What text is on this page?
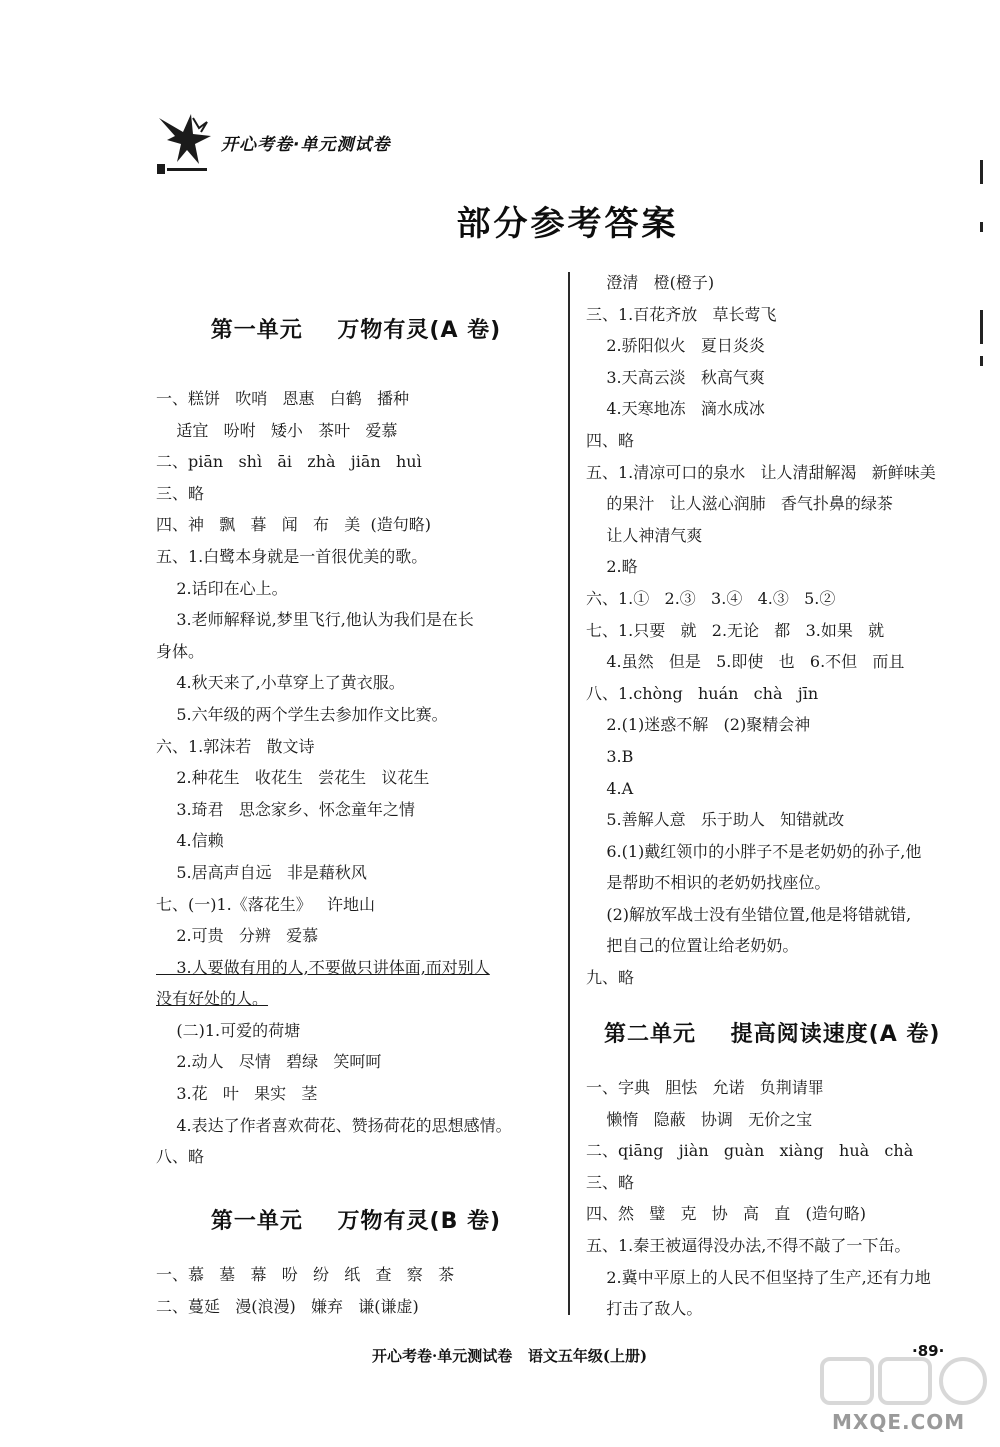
开心考卷·单元测试卷
部分参考答案
第一单元    万物有灵(A 卷)
一、糕饼   吹哨   恩惠   白鹤   播种
适宜   吩咐   矮小   茶叶   爱慕
二、piān   shì   āi   zhà   jiān   huì
三、略
四、神   飘   暮   闻   布   美  (造句略)
五、1.白鹭本身就是一首很优美的歌。
2.话印在心上。
3.老师解释说,梦里飞行,他认为我们是在长
身体。
4.秋天来了,小草穿上了黄衣服。
5.六年级的两个学生去参加作文比赛。
六、1.郭沫若   散文诗
2.种花生   收花生   尝花生   议花生
3.琦君   思念家乡、怀念童年之情
4.信赖
5.居高声自远   非是藉秋风
七、(一)1.《落花生》   许地山
2.可贵   分辨   爱慕
3.人要做有用的人,不要做只讲体面,而对别人
没有好处的人。
(二)1.可爱的荷塘
2.动人   尽情   碧绿   笑呵呵
3.花   叶   果实   茎
4.表达了作者喜欢荷花、赞扬荷花的思想感情。
八、略
第一单元    万物有灵(B 卷)
一、慕   墓   幕   吩   纷   纸   查   察   茶
二、蔓延   漫(浪漫)   嫌弃   谦(谦虚)
澄清   橙(橙子)
三、1.百花齐放   草长莺飞
2.骄阳似火   夏日炎炎
3.天高云淡   秋高气爽
4.天寒地冻   滴水成冰
四、略
五、1.清凉可口的泉水   让人清甜解渴   新鲜味美
的果汁   让人滋心润肺   香气扑鼻的绿茶
让人神清气爽
2.略
六、1.①   2.③   3.④   4.③   5.②
七、1.只要   就   2.无论   都   3.如果   就
4.虽然   但是   5.即使   也   6.不但   而且
八、1.chòng   huán   chà   jīn
2.(1)迷惑不解   (2)聚精会神
3.B
4.A
5.善解人意   乐于助人   知错就改
6.(1)戴红领巾的小胖子不是老奶奶的孙子,他
是帮助不相识的老奶奶找座位。
(2)解放军战士没有坐错位置,他是将错就错,
把自己的位置让给老奶奶。
九、略
第二单元    提高阅读速度(A 卷)
一、字典   胆怯   允诺   负荆请罪
懒惰   隐蔽   协调   无价之宝
二、qiāng   jiàn   guàn   xiàng   huà   chà
三、略
四、然   璧   克   协   高   直   (造句略)
五、1.秦王被逼得没办法,不得不敲了一下缶。
2.冀中平原上的人民不但坚持了生产,还有力地
打击了敌人。
开心考卷·单元测试卷   语文五年级(上册)	·89·
MXQE.COM
